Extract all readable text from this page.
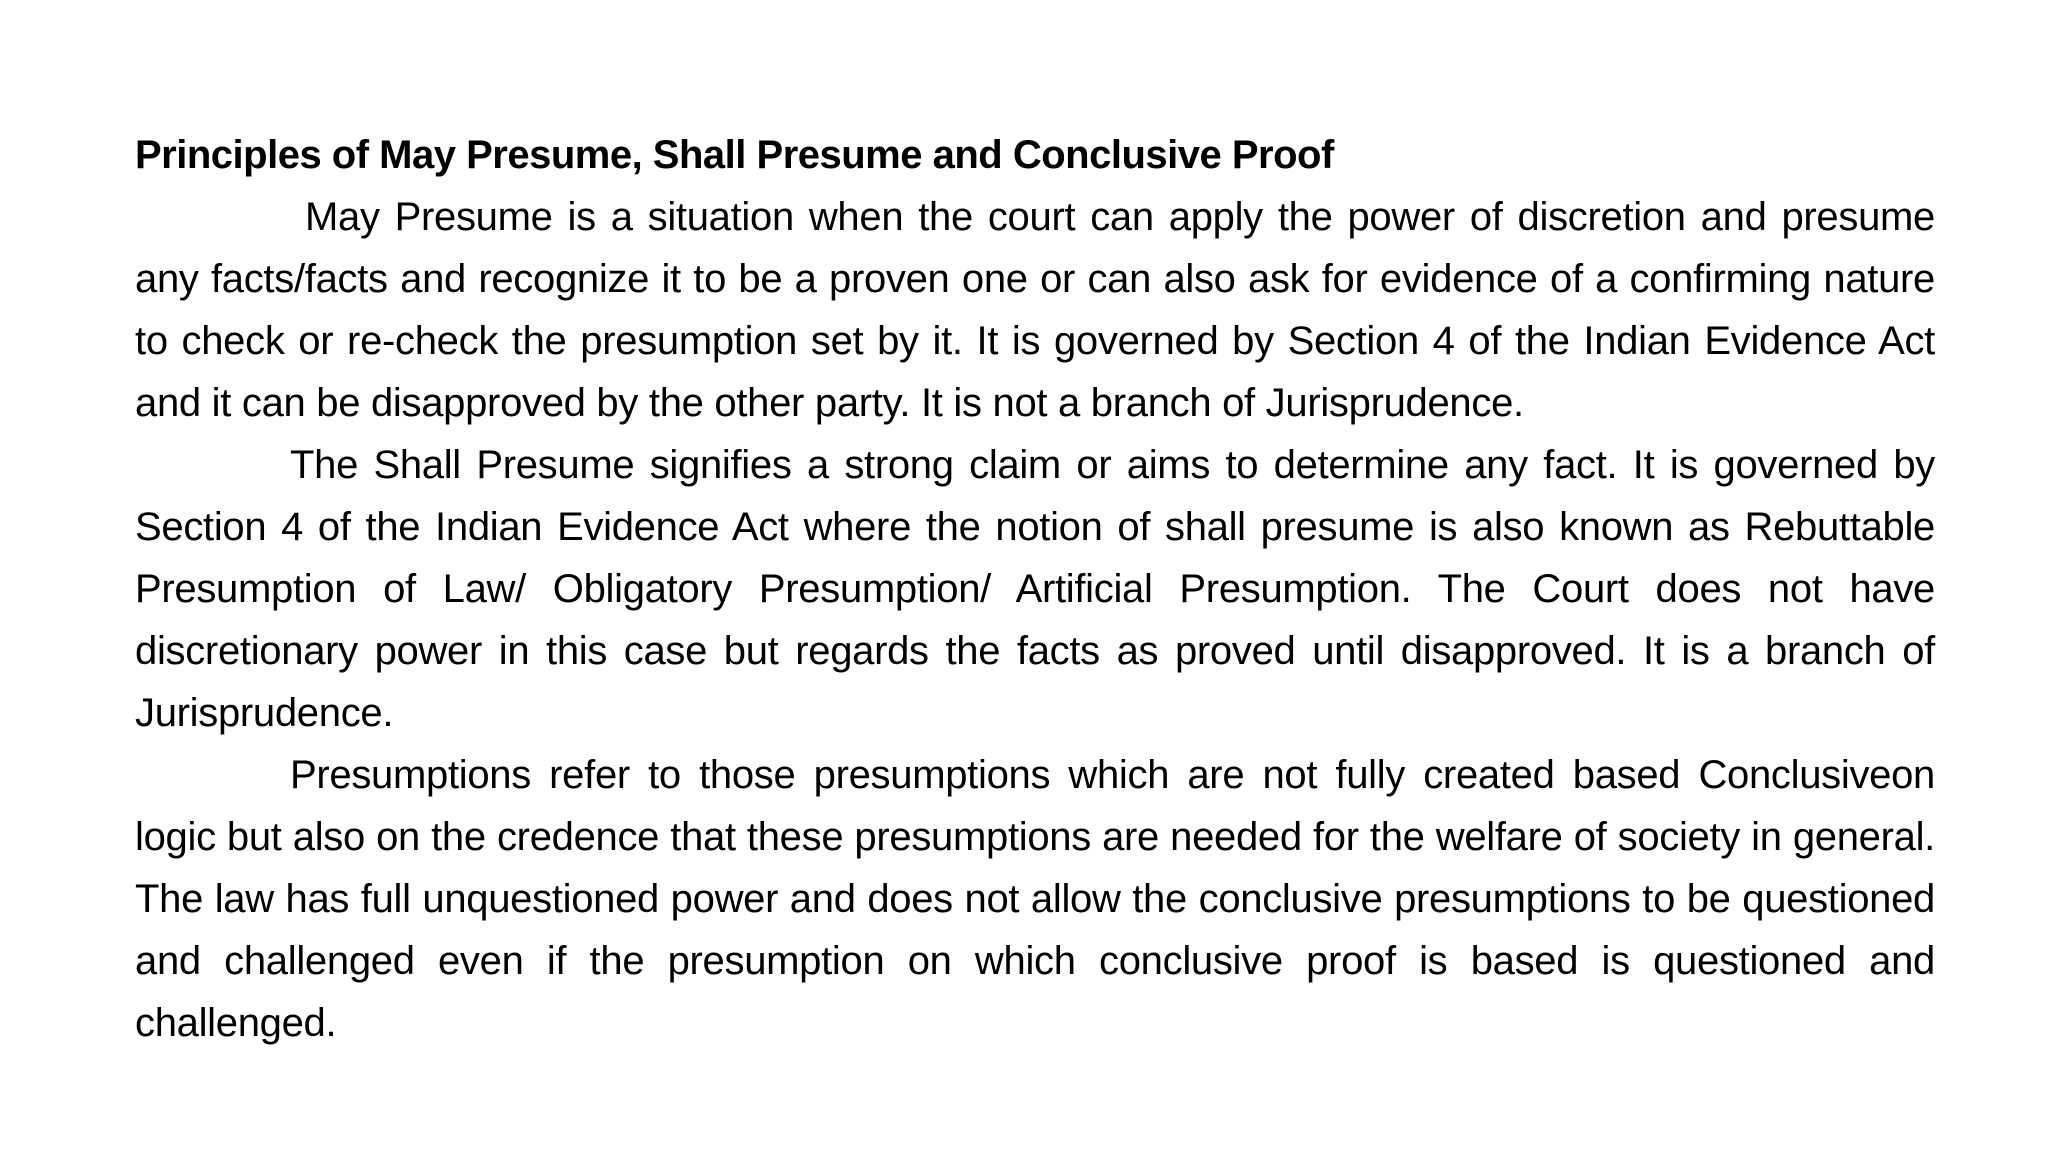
Principles of May Presume, Shall Presume and Conclusive Proof

May Presume is a situation when the court can apply the power of discretion and presume any facts/facts and recognize it to be a proven one or can also ask for evidence of a confirming nature to check or re-check the presumption set by it. It is governed by Section 4 of the Indian Evidence Act and it can be disapproved by the other party. It is not a branch of Jurisprudence.

The Shall Presume signifies a strong claim or aims to determine any fact. It is governed by Section 4 of the Indian Evidence Act where the notion of shall presume is also known as Rebuttable Presumption of Law/ Obligatory Presumption/ Artificial Presumption. The Court does not have discretionary power in this case but regards the facts as proved until disapproved. It is a branch of Jurisprudence.

Presumptions refer to those presumptions which are not fully created based Conclusiveon logic but also on the credence that these presumptions are needed for the welfare of society in general. The law has full unquestioned power and does not allow the conclusive presumptions to be questioned and challenged even if the presumption on which conclusive proof is based is questioned and challenged.
